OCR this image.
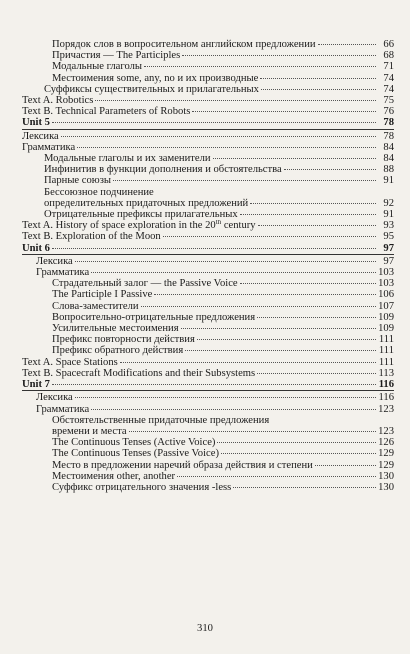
Порядок слов в вопросительном английском предложении	66
Причастия — The Participles	68
Модальные глаголы	71
Местоимения some, any, no и их производные	74
Суффиксы существительных и прилагательных	74
Text A. Robotics	75
Text B. Technical Parameters of Robots	76
Unit 5	78
Лексика	78
Грамматика	84
Модальные глаголы и их заменители	84
Инфинитив в функции дополнения и обстоятельства	88
Парные союзы	91
Бессоюзное подчинение
определительных придаточных предложений	92
Отрицательные префиксы прилагательных	91
Text A. History of space exploration in the 20th century	93
Text B. Exploration of the Moon	95
Unit 6	97
Лексика	97
Грамматика	103
Страдательный залог — the Passive Voice	103
The Participle I Passive	106
Слова-заместители	107
Вопросительно-отрицательные предложения	109
Усилительные местоимения	109
Префикс повторности действия	111
Префикс обратного действия	111
Text A. Space Stations	111
Text B. Spacecraft Modifications and their Subsystems	113
Unit 7	116
Лексика	116
Грамматика	123
Обстоятельственные придаточные предложения
времени и места	123
The Continuous Tenses (Active Voice)	126
The Continuous Tenses (Passive Voice)	129
Место в предложении наречий образа действия и степени	129
Местоимения other, another	130
Суффикс отрицательного значения -less	130
310
